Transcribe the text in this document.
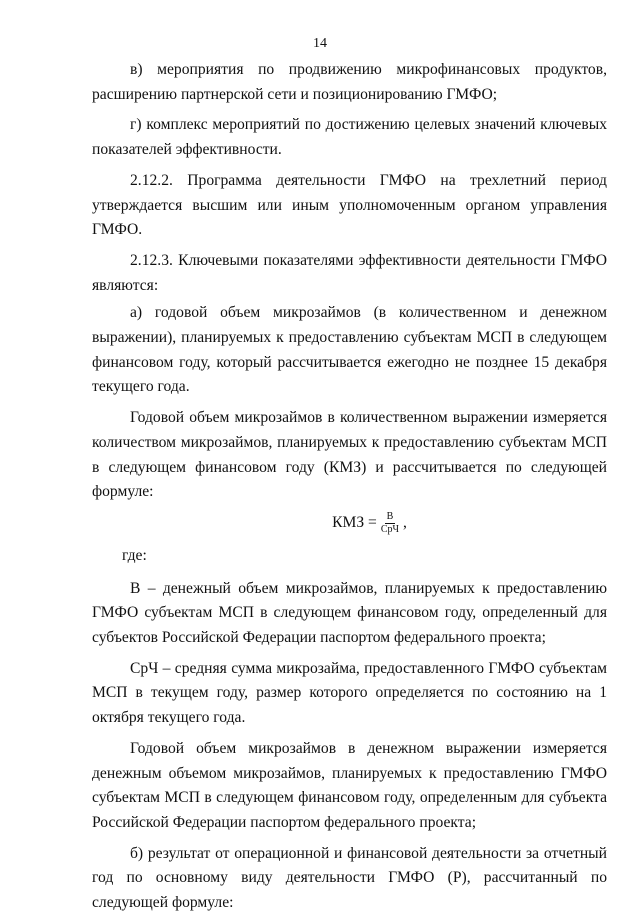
14

в) мероприятия по продвижению микрофинансовых продуктов, расширению партнерской сети и позиционированию ГМФО;

г) комплекс мероприятий по достижению целевых значений ключевых показателей эффективности.

2.12.2. Программа деятельности ГМФО на трехлетний период утверждается высшим или иным уполномоченным органом управления ГМФО.

2.12.3. Ключевыми показателями эффективности деятельности ГМФО являются:

а) годовой объем микрозаймов (в количественном и денежном выражении), планируемых к предоставлению субъектам МСП в следующем финансовом году, который рассчитывается ежегодно не позднее 15 декабря текущего года.

Годовой объем микрозаймов в количественном выражении измеряется количеством микрозаймов, планируемых к предоставлению субъектам МСП в следующем финансовом году (КМЗ) и рассчитывается по следующей формуле:

КМЗ = $\frac{В}{\text{СрЧ}}$ ,

где:

В – денежный объем микрозаймов, планируемых к предоставлению ГМФО субъектам МСП в следующем финансовом году, определенный для субъектов Российской Федерации паспортом федерального проекта;

СрЧ – средняя сумма микрозайма, предоставленного ГМФО субъектам МСП в текущем году, размер которого определяется по состоянию на 1 октября текущего года.

Годовой объем микрозаймов в денежном выражении измеряется денежным объемом микрозаймов, планируемых к предоставлению ГМФО субъектам МСП в следующем финансовом году, определенным для субъекта Российской Федерации паспортом федерального проекта;

б) результат от операционной и финансовой деятельности за отчетный год по основному виду деятельности ГМФО (Р), рассчитанный по следующей формуле:
